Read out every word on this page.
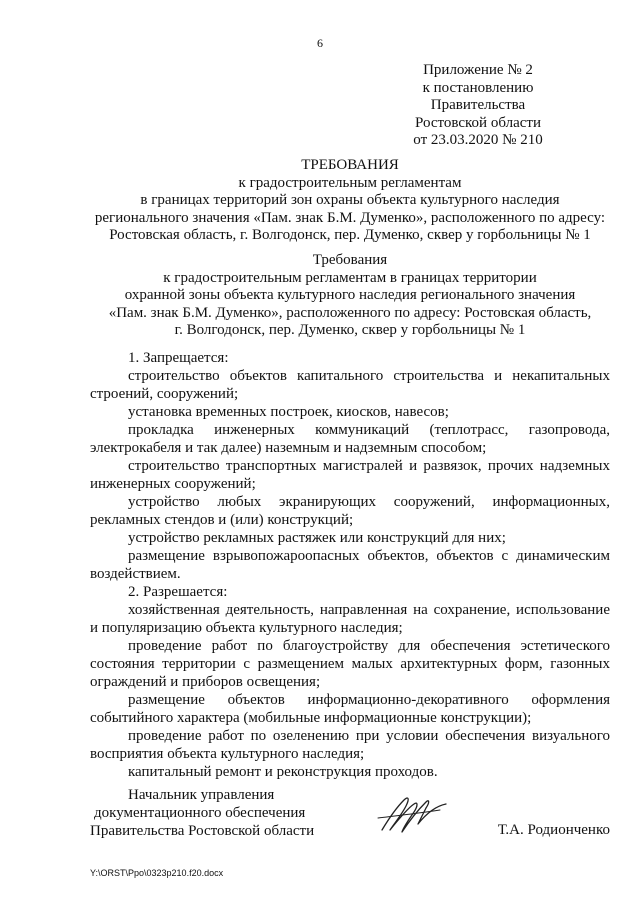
6
Приложение № 2
к постановлению
Правительства
Ростовской области
от 23.03.2020 № 210
ТРЕБОВАНИЯ
к градостроительным регламентам
в границах территорий зон охраны объекта культурного наследия
регионального значения «Пам. знак Б.М. Думенко», расположенного по адресу:
Ростовская область, г. Волгодонск, пер. Думенко, сквер у горбольницы № 1
Требования
к градостроительным регламентам в границах территории
охранной зоны объекта культурного наследия регионального значения
«Пам. знак Б.М. Думенко», расположенного по адресу: Ростовская область,
г. Волгодонск, пер. Думенко, сквер у горбольницы № 1

1. Запрещается:

строительство объектов капитального строительства и некапитальных строений, сооружений;

установка временных построек, киосков, навесов;

прокладка инженерных коммуникаций (теплотрасс, газопровода, электрокабеля и так далее) наземным и надземным способом;

строительство транспортных магистралей и развязок, прочих надземных инженерных сооружений;

устройство любых экранирующих сооружений, информационных, рекламных стендов и (или) конструкций;

устройство рекламных растяжек или конструкций для них;

размещение взрывопожароопасных объектов, объектов с динамическим воздействием.

2. Разрешается:

хозяйственная деятельность, направленная на сохранение, использование и популяризацию объекта культурного наследия;

проведение работ по благоустройству для обеспечения эстетического состояния территории с размещением малых архитектурных форм, газонных ограждений и приборов освещения;

размещение объектов информационно-декоративного оформления событийного характера (мобильные информационные конструкции);

проведение работ по озеленению при условии обеспечения визуального восприятия объекта культурного наследия;

капитальный ремонт и реконструкция проходов.

Начальник управления
документационного обеспечения
Правительства Ростовской области	Т.А. Родионченко
Y:\ORST\Ppo\0323p210.f20.docx
